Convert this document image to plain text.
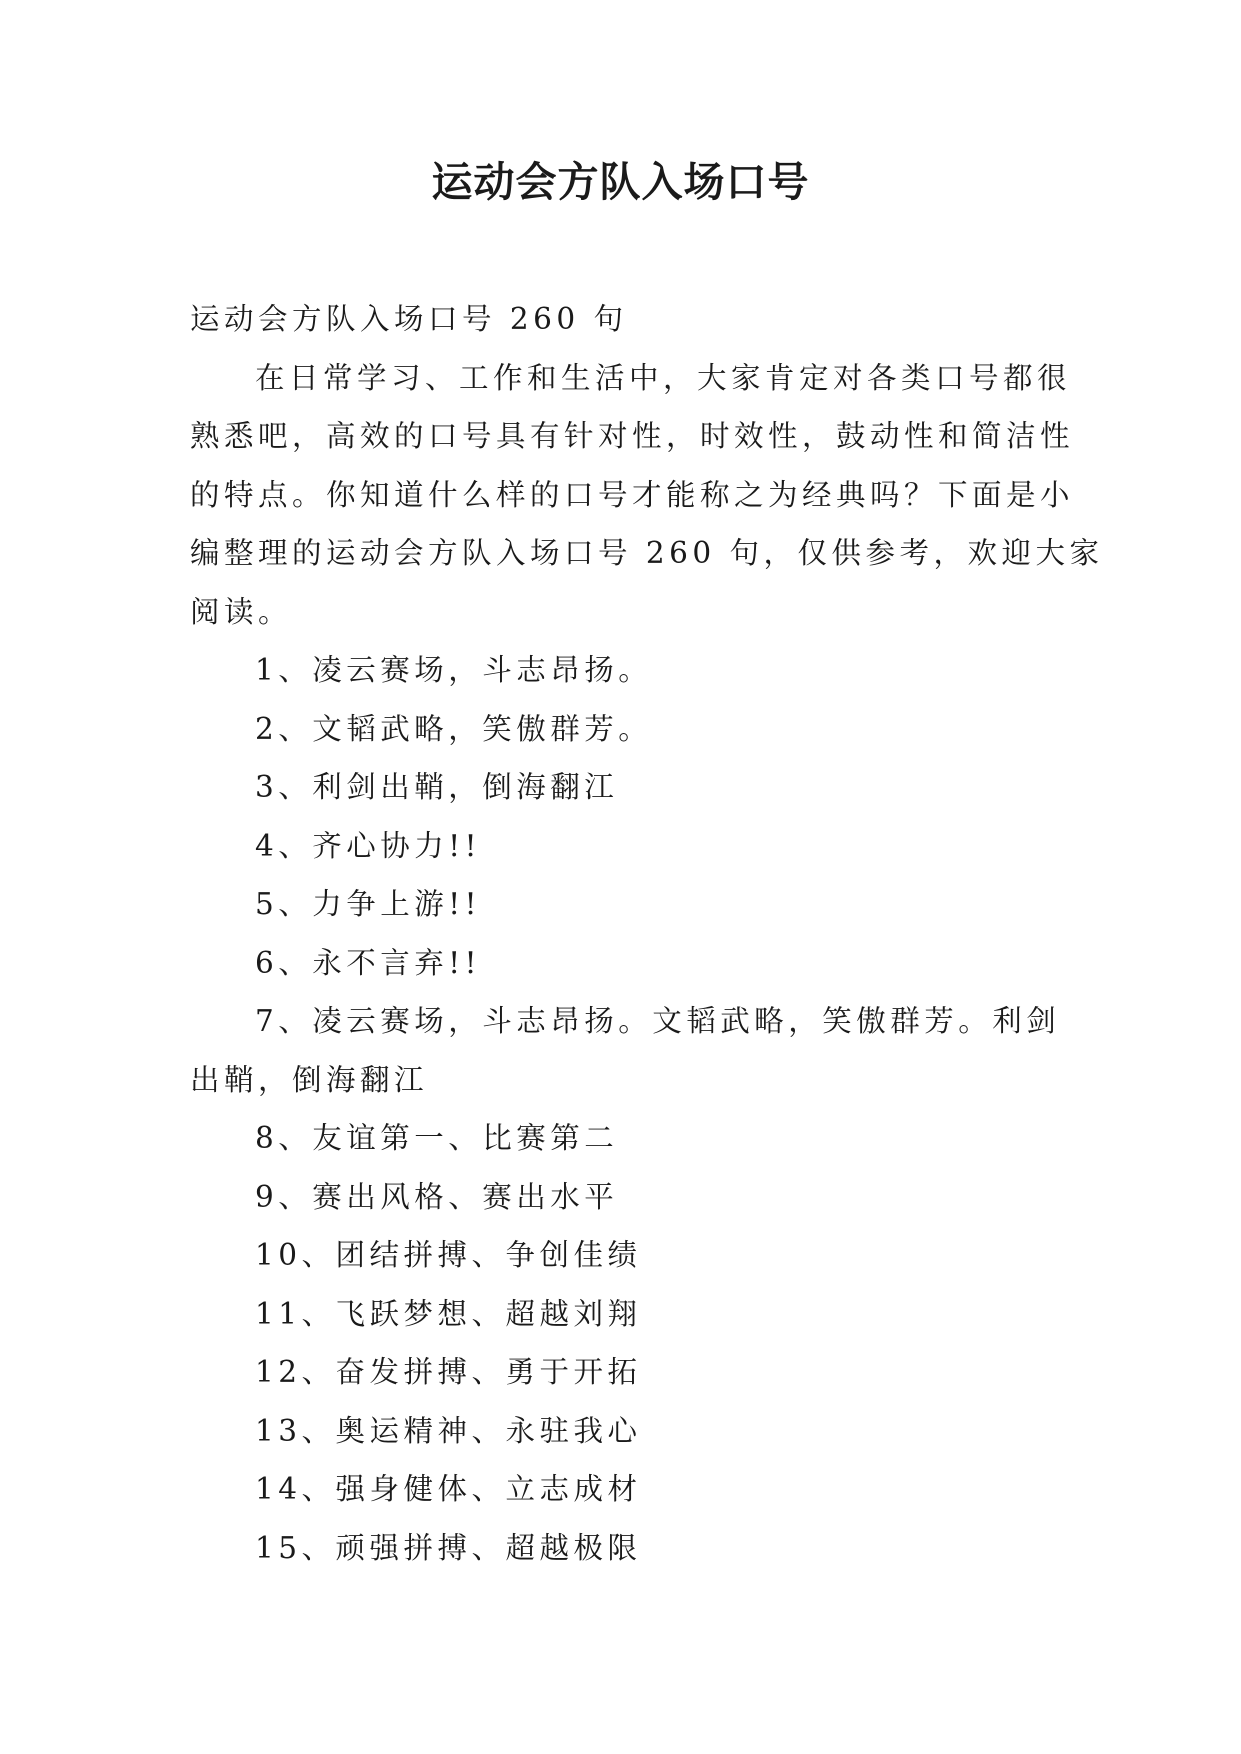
运动会方队入场口号

运动会方队入场口号 260 句

在日常学习、工作和生活中，大家肯定对各类口号都很

熟悉吧，高效的口号具有针对性，时效性，鼓动性和简洁性

的特点。你知道什么样的口号才能称之为经典吗？下面是小

编整理的运动会方队入场口号 260 句，仅供参考，欢迎大家

阅读。

1、凌云赛场，斗志昂扬。

2、文韬武略，笑傲群芳。

3、利剑出鞘，倒海翻江

4、齐心协力!!

5、力争上游!!

6、永不言弃!!

7、凌云赛场，斗志昂扬。文韬武略，笑傲群芳。利剑

出鞘，倒海翻江

8、友谊第一、比赛第二

9、赛出风格、赛出水平

10、团结拼搏、争创佳绩

11、飞跃梦想、超越刘翔

12、奋发拼搏、勇于开拓

13、奥运精神、永驻我心

14、强身健体、立志成材

15、顽强拼搏、超越极限
